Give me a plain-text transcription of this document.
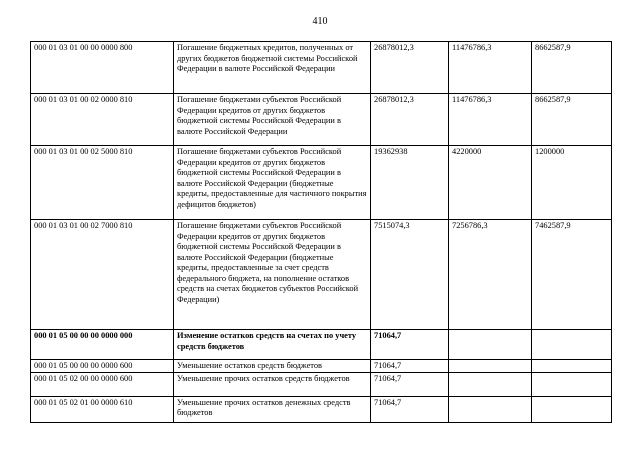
410
000 01 03 01 00 00 0000 800	Погашение бюджетных кредитов, полученных от других бюджетов бюджетной системы Российской Федерации в валюте Российской Федерации	26878012,3	11476786,3	8662587,9
000 01 03 01 00 02 0000 810	Погашение бюджетами субъектов Российской Федерации кредитов от других бюджетов бюджетной системы Российской Федерации в валюте Российской Федерации	26878012,3	11476786,3	8662587,9
000 01 03 01 00 02 5000 810	Погашение бюджетами субъектов Российской Федерации кредитов от других бюджетов бюджетной системы Российской Федерации в валюте Российской Федерации (бюджетные кредиты, предоставленные для частичного покрытия дефицитов бюджетов)	19362938	4220000	1200000
000 01 03 01 00 02 7000 810	Погашение бюджетами субъектов Российской Федерации кредитов от других бюджетов бюджетной системы Российской Федерации в валюте Российской Федерации (бюджетные кредиты, предоставленные за счет средств федерального бюджета, на пополнение остатков средств на счетах бюджетов субъектов Российской Федерации)	7515074,3	7256786,3	7462587,9
000 01 05 00 00 00 0000 000	Изменение остатков средств на счетах по учету средств бюджетов	71064,7		
000 01 05 00 00 00 0000 600	Уменьшение остатков средств бюджетов	71064,7		
000 01 05 02 00 00 0000 600	Уменьшение прочих остатков средств бюджетов	71064,7		
000 01 05 02 01 00 0000 610	Уменьшение прочих остатков денежных средств бюджетов	71064,7		
